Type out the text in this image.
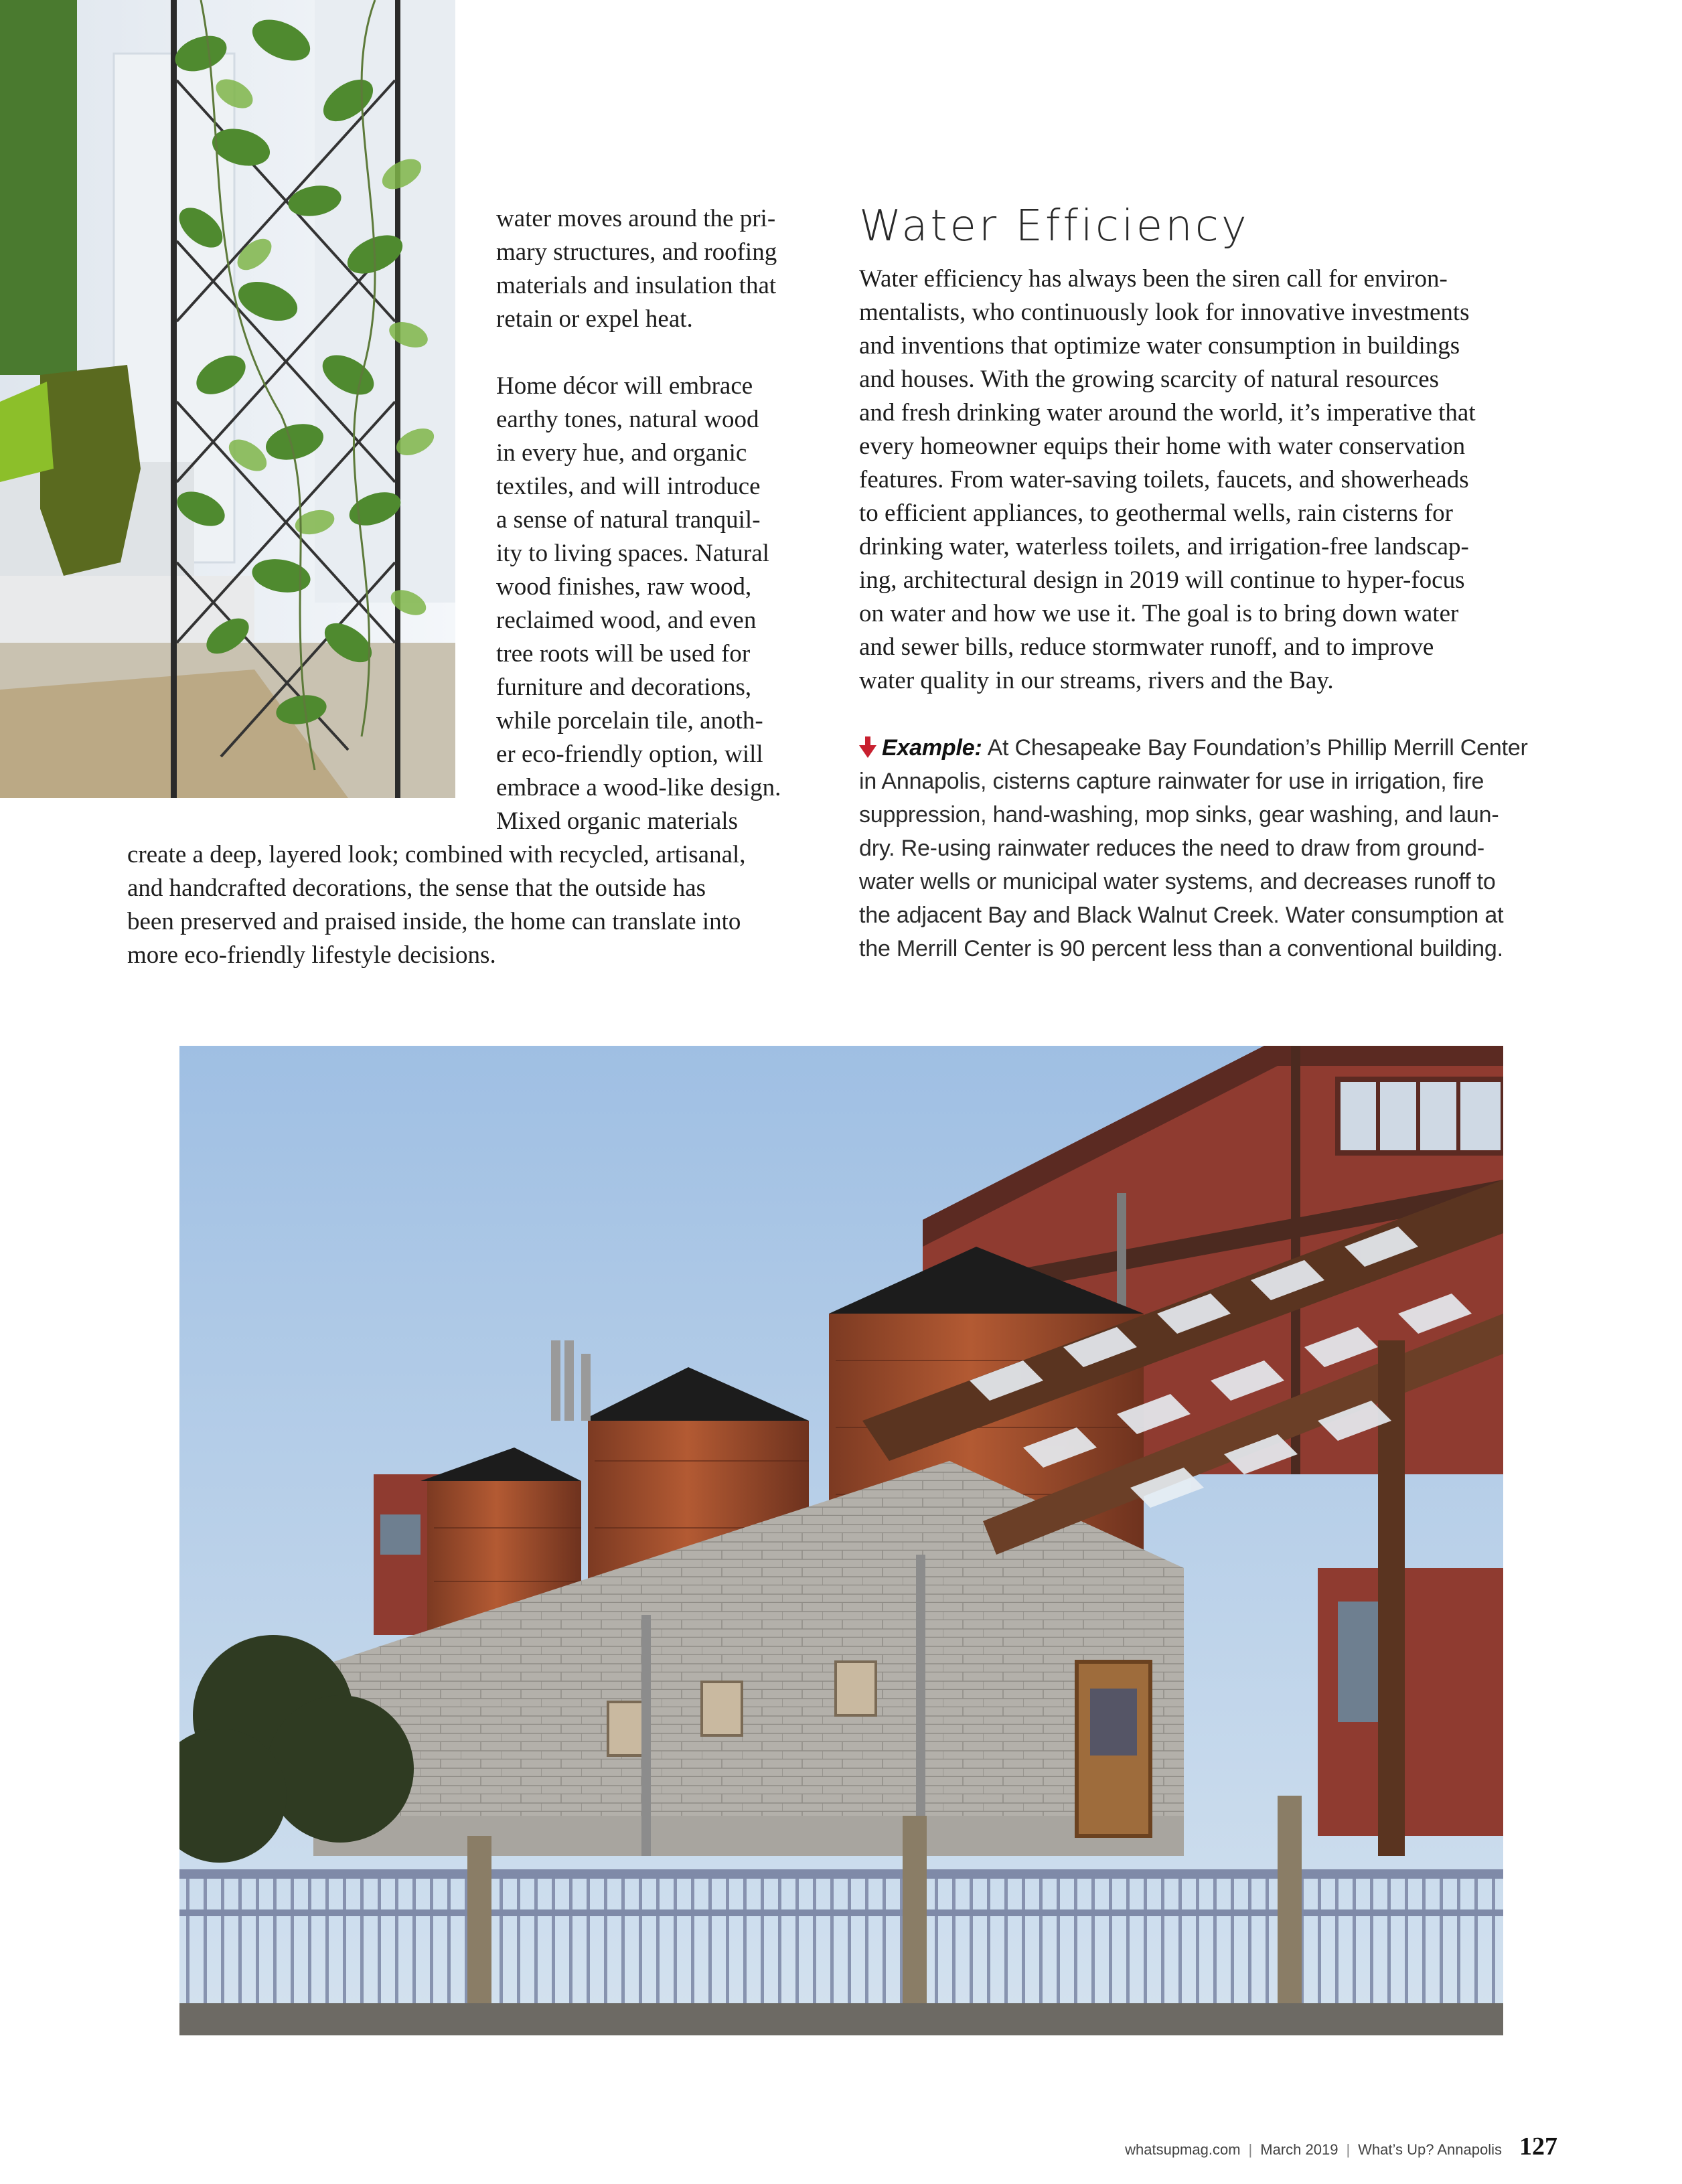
water moves around the pri-
mary structures, and roofing
materials and insulation that
retain or expel heat.

Home décor will embrace
earthy tones, natural wood
in every hue, and organic
textiles, and will introduce
a sense of natural tranquil-
ity to living spaces. Natural
wood finishes, raw wood,
reclaimed wood, and even
tree roots will be used for
furniture and decorations,
while porcelain tile, anoth-
er eco-friendly option, will
embrace a wood-like design.
Mixed organic materials

create a deep, layered look; combined with recycled, artisanal,
and handcrafted decorations, the sense that the outside has
been preserved and praised inside, the home can translate into
more eco-friendly lifestyle decisions.

Water Efficiency

Water efficiency has always been the siren call for environ-
mentalists, who continuously look for innovative investments
and inventions that optimize water consumption in buildings
and houses. With the growing scarcity of natural resources
and fresh drinking water around the world, it’s imperative that
every homeowner equips their home with water conservation
features. From water-saving toilets, faucets, and showerheads
to efficient appliances, to geothermal wells, rain cisterns for
drinking water, waterless toilets, and irrigation-free landscap-
ing, architectural design in 2019 will continue to hyper-focus
on water and how we use it. The goal is to bring down water
and sewer bills, reduce stormwater runoff, and to improve
water quality in our streams, rivers and the Bay.

Example: At Chesapeake Bay Foundation’s Phillip Merrill Center
in Annapolis, cisterns capture rainwater for use in irrigation, fire
suppression, hand-washing, mop sinks, gear washing, and laun-
dry. Re-using rainwater reduces the need to draw from ground-
water wells or municipal water systems, and decreases runoff to
the adjacent Bay and Black Walnut Creek. Water consumption at
the Merrill Center is 90 percent less than a conventional building.

whatsupmag.com | March 2019 | What’s Up? Annapolis 127
